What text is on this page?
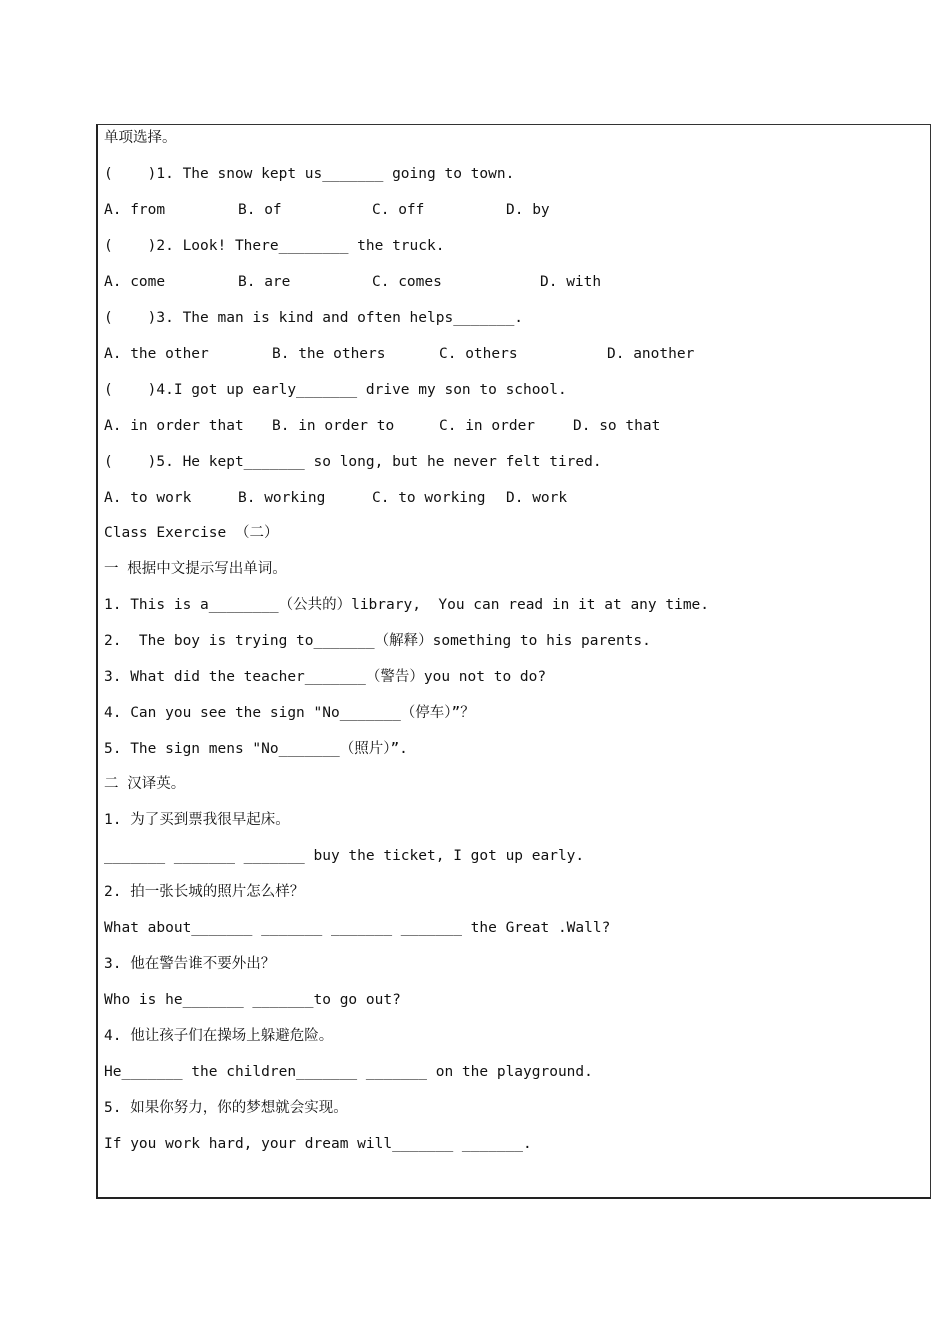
单项选择。
(    )1. The snow kept us_______ going to town.

A. from

	B. of

	C. off

	D. by

(    )2. Look! There________ the truck.

A. come

	B. are

	C. comes

	D. with

(    )3. The man is kind and often helps_______.

A. the other

	B. the others

	C. others

	D. another

(    )4.I got up early_______ drive my son to school.

A. in order that

B. in order to

	C. in order

	D. so that

(    )5. He kept_______ so long, but he never felt tired.

A. to work

	B. working

	C. to working

D. work

Class Exercise （二）
一 根据中文提示写出单词。
1. This is a________（公共的）library,  You can read in it at any time.
2.  The boy is trying to_______（解释）something to his parents.
3. What did the teacher_______（警告）you not to do?
4. Can you see the sign "No_______（停车）”？
5. The sign mens "No_______（照片）”.
二 汉译英。
1. 为了买到票我很早起床。
_______ _______ _______ buy the ticket, I got up early.
2. 拍一张长城的照片怎么样？
What about_______ _______ _______ _______ the Great .Wall?
3. 他在警告谁不要外出？
Who is he_______ _______to go out?
4. 他让孩子们在操场上躲避危险。
He_______ the children_______ _______ on the playground.
5. 如果你努力，你的梦想就会实现。
If you work hard, your dream will_______ _______.
